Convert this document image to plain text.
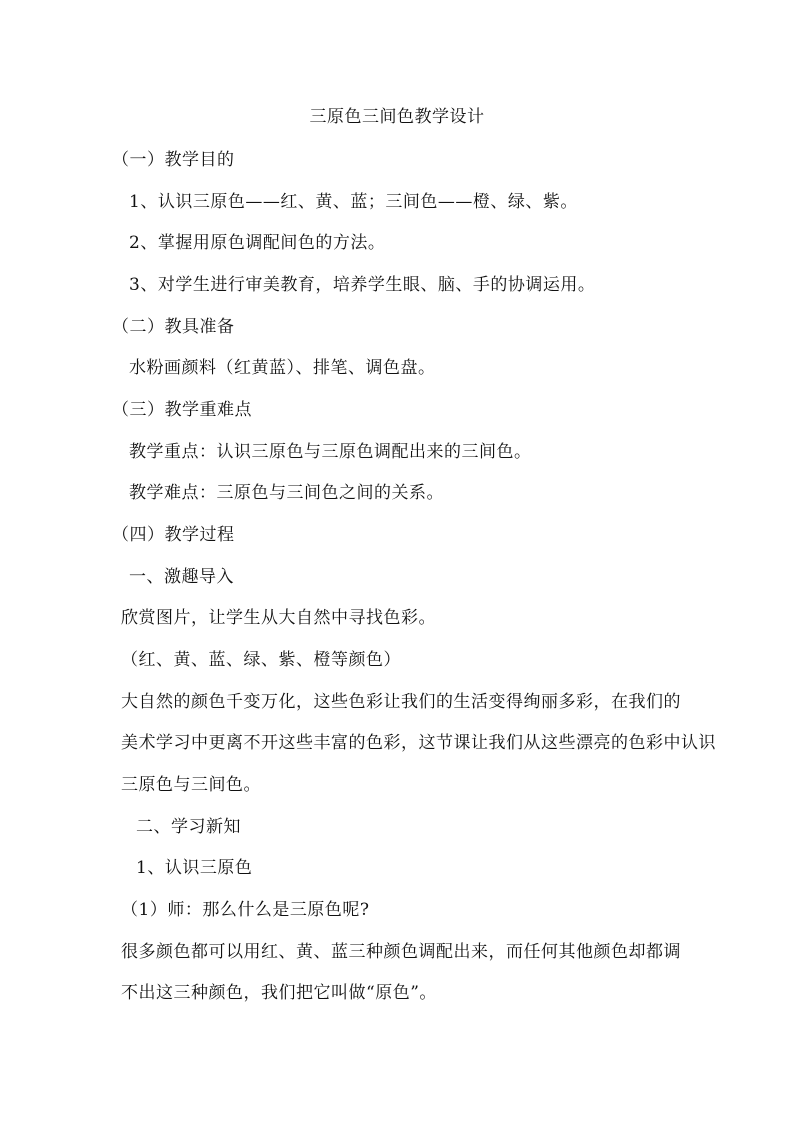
三原色三间色教学设计
（一）教学目的
1、认识三原色——红、黄、蓝；三间色——橙、绿、紫。
2、掌握用原色调配间色的方法。
3、对学生进行审美教育，培养学生眼、脑、手的协调运用。
（二）教具准备
水粉画颜料（红黄蓝）、排笔、调色盘。
（三）教学重难点
教学重点：认识三原色与三原色调配出来的三间色。
教学难点：三原色与三间色之间的关系。
（四）教学过程
一、激趣导入
欣赏图片，让学生从大自然中寻找色彩。
（红、黄、蓝、绿、紫、橙等颜色）
大自然的颜色千变万化，这些色彩让我们的生活变得绚丽多彩，在我们的
美术学习中更离不开这些丰富的色彩，这节课让我们从这些漂亮的色彩中认识
三原色与三间色。
二、学习新知
1、认识三原色
（1）师：那么什么是三原色呢?
很多颜色都可以用红、黄、蓝三种颜色调配出来，而任何其他颜色却都调
不出这三种颜色，我们把它叫做“原色”。
